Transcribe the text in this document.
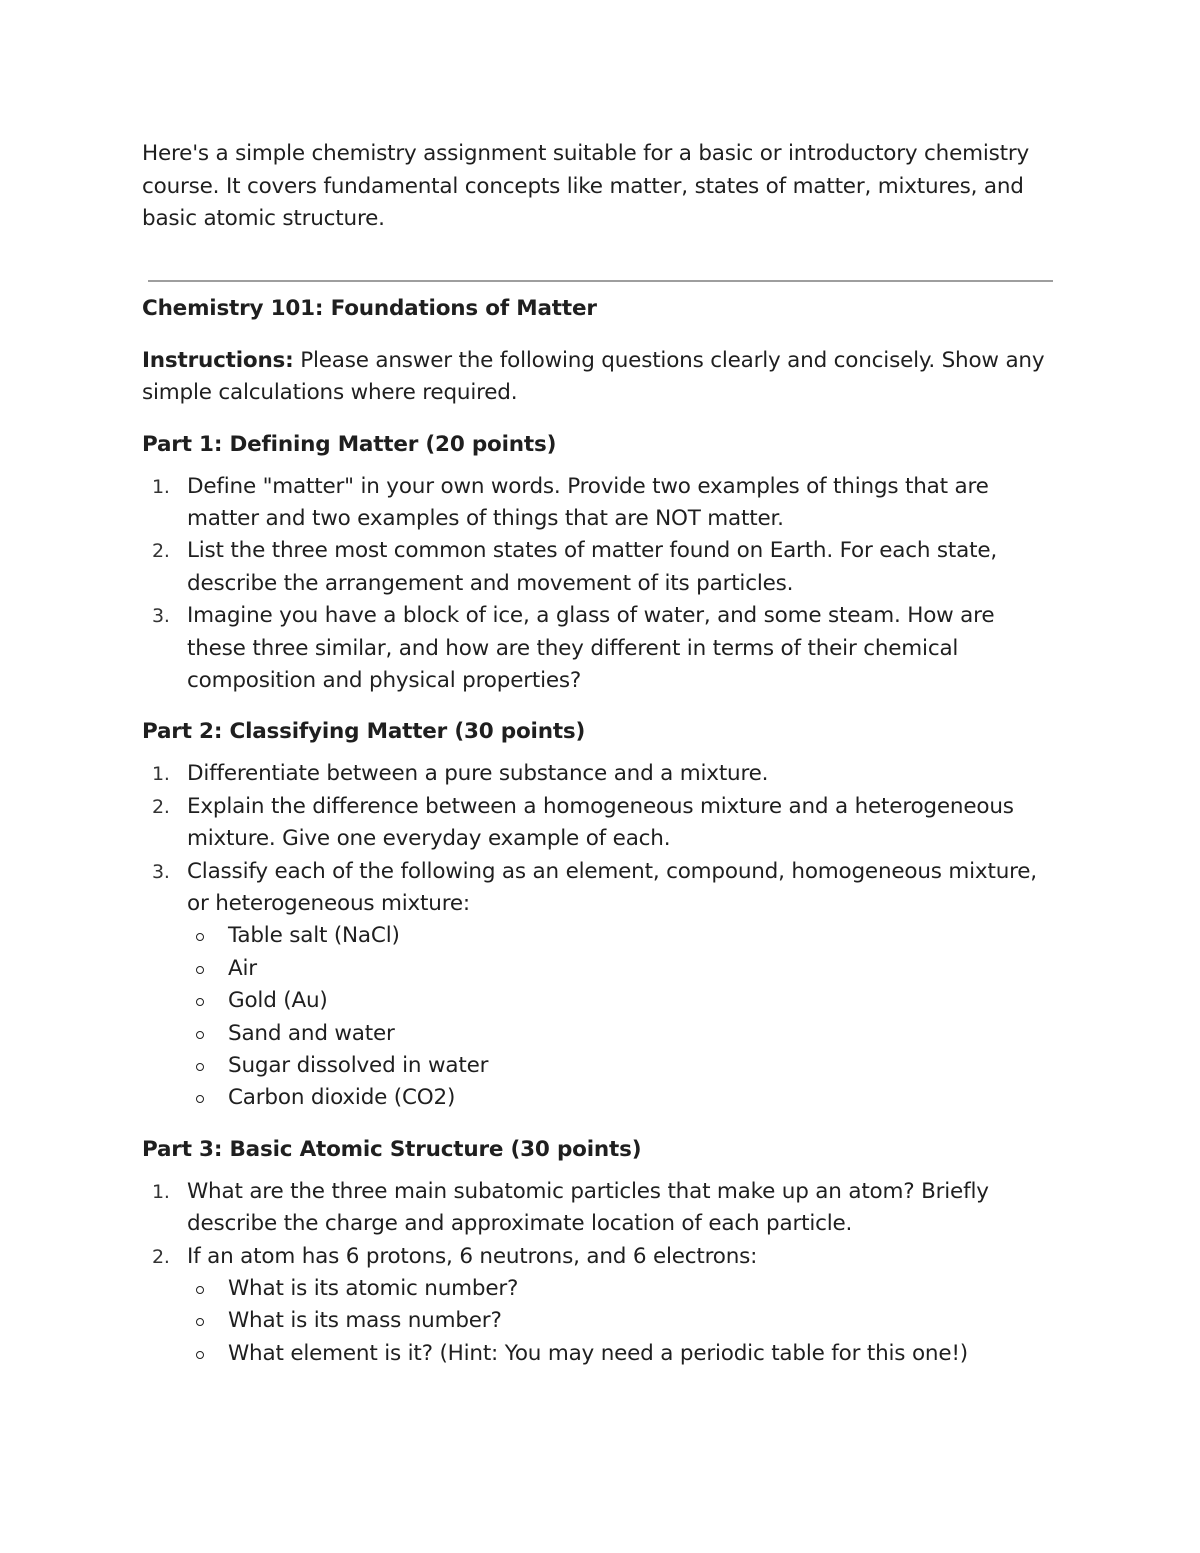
Here's a simple chemistry assignment suitable for a basic or introductory chemistry course. It covers fundamental concepts like matter, states of matter, mixtures, and basic atomic structure.

Chemistry 101: Foundations of Matter

Instructions: Please answer the following questions clearly and concisely. Show any simple calculations where required.

Part 1: Defining Matter (20 points)
1. Define "matter" in your own words. Provide two examples of things that are matter and two examples of things that are NOT matter.
2. List the three most common states of matter found on Earth. For each state, describe the arrangement and movement of its particles.
3. Imagine you have a block of ice, a glass of water, and some steam. How are these three similar, and how are they different in terms of their chemical composition and physical properties?
Part 2: Classifying Matter (30 points)
1. Differentiate between a pure substance and a mixture.
2. Explain the difference between a homogeneous mixture and a heterogeneous mixture. Give one everyday example of each.
3. Classify each of the following as an element, compound, homogeneous mixture, or heterogeneous mixture:
Table salt (NaCl)
Air
Gold (Au)
Sand and water
Sugar dissolved in water
Carbon dioxide (CO2)
Part 3: Basic Atomic Structure (30 points)
1. What are the three main subatomic particles that make up an atom? Briefly describe the charge and approximate location of each particle.
2. If an atom has 6 protons, 6 neutrons, and 6 electrons:
What is its atomic number?
What is its mass number?
What element is it? (Hint: You may need a periodic table for this one!)
